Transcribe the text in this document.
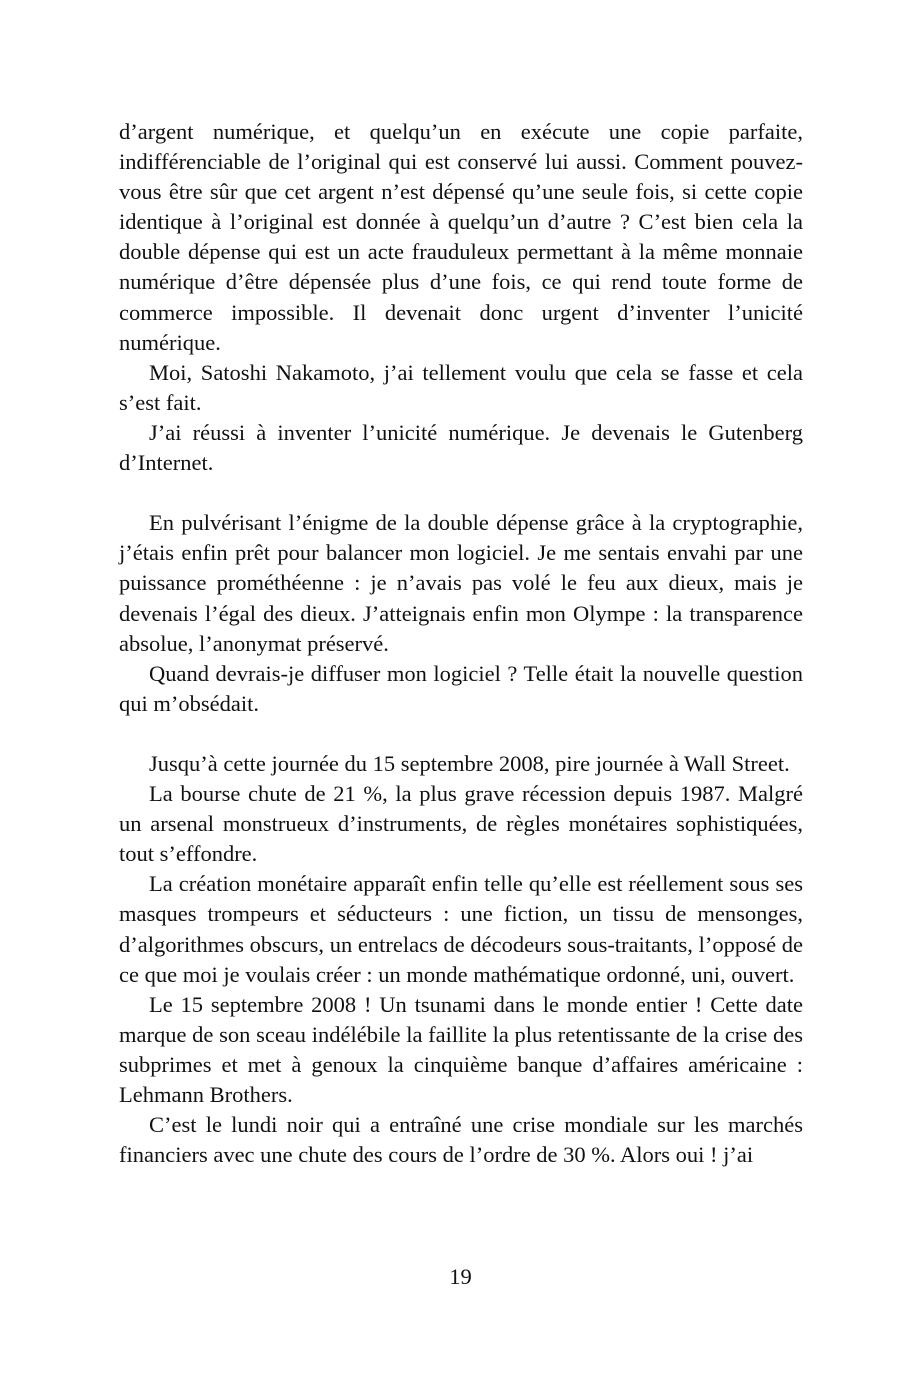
d’argent numérique, et quelqu’un en exécute une copie parfaite, indifférenciable de l’original qui est conservé lui aussi. Comment pouvez-vous être sûr que cet argent n’est dépensé qu’une seule fois, si cette copie identique à l’original est donnée à quelqu’un d’autre ? C’est bien cela la double dépense qui est un acte frauduleux permettant à la même monnaie numérique d’être dépensée plus d’une fois, ce qui rend toute forme de commerce impossible. Il devenait donc urgent d’inventer l’unicité numérique.

Moi, Satoshi Nakamoto, j’ai tellement voulu que cela se fasse et cela s’est fait.

J’ai réussi à inventer l’unicité numérique. Je devenais le Gutenberg d’Internet.

En pulvérisant l’énigme de la double dépense grâce à la cryptographie, j’étais enfin prêt pour balancer mon logiciel. Je me sentais envahi par une puissance prométhéenne : je n’avais pas volé le feu aux dieux, mais je devenais l’égal des dieux. J’atteignais enfin mon Olympe : la transparence absolue, l’anonymat préservé.

Quand devrais-je diffuser mon logiciel ? Telle était la nouvelle question qui m’obsédait.

Jusqu’à cette journée du 15 septembre 2008, pire journée à Wall Street.

La bourse chute de 21 %, la plus grave récession depuis 1987. Malgré un arsenal monstrueux d’instruments, de règles monétaires sophistiquées, tout s’effondre.

La création monétaire apparaît enfin telle qu’elle est réellement sous ses masques trompeurs et séducteurs : une fiction, un tissu de mensonges, d’algorithmes obscurs, un entrelacs de décodeurs sous-traitants, l’opposé de ce que moi je voulais créer : un monde mathématique ordonné, uni, ouvert.

Le 15 septembre 2008 ! Un tsunami dans le monde entier ! Cette date marque de son sceau indélébile la faillite la plus retentissante de la crise des subprimes et met à genoux la cinquième banque d’affaires américaine : Lehmann Brothers.

C’est le lundi noir qui a entraîné une crise mondiale sur les marchés financiers avec une chute des cours de l’ordre de 30 %. Alors oui ! j’ai

19
